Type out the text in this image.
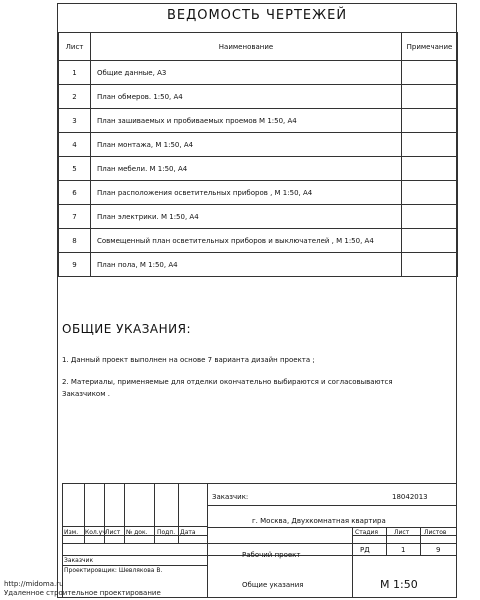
ВЕДОМОСТЬ ЧЕРТЕЖЕЙ
Лист	Наименование	Примечание
1	Общие данные, А3	
2	План обмеров. 1:50, А4	
3	План зашиваемых и пробиваемых проемов М 1:50, А4	
4	План монтажа, М 1:50, А4	
5	План мебели. М 1:50, А4	
6	План расположения осветительных приборов , М 1:50, А4	
7	План электрики. М 1:50, А4	
8	Совмещенный план осветительных приборов и выключателей , М 1:50, А4	
9	План пола, М 1:50, А4	
ОБЩИЕ УКАЗАНИЯ:
1. Данный проект выполнен на основе 7 варианта дизайн проекта ;
2. Материалы, применяемые для отделки окончательно выбираются и согласовываются Заказчиком .
Изм. Кол.уч Лист № док. Подп. Дата
Заказчик
Проектировщик: Шевлякова В.
Заказчик:	18042013
г. Москва, Двухкомнатная квартира
Рабочий проект
Стадия	Лист Листов
РД	1	9
Общие указания	М 1:50
http://midoma.ru
Удаленное строительное проектирование
